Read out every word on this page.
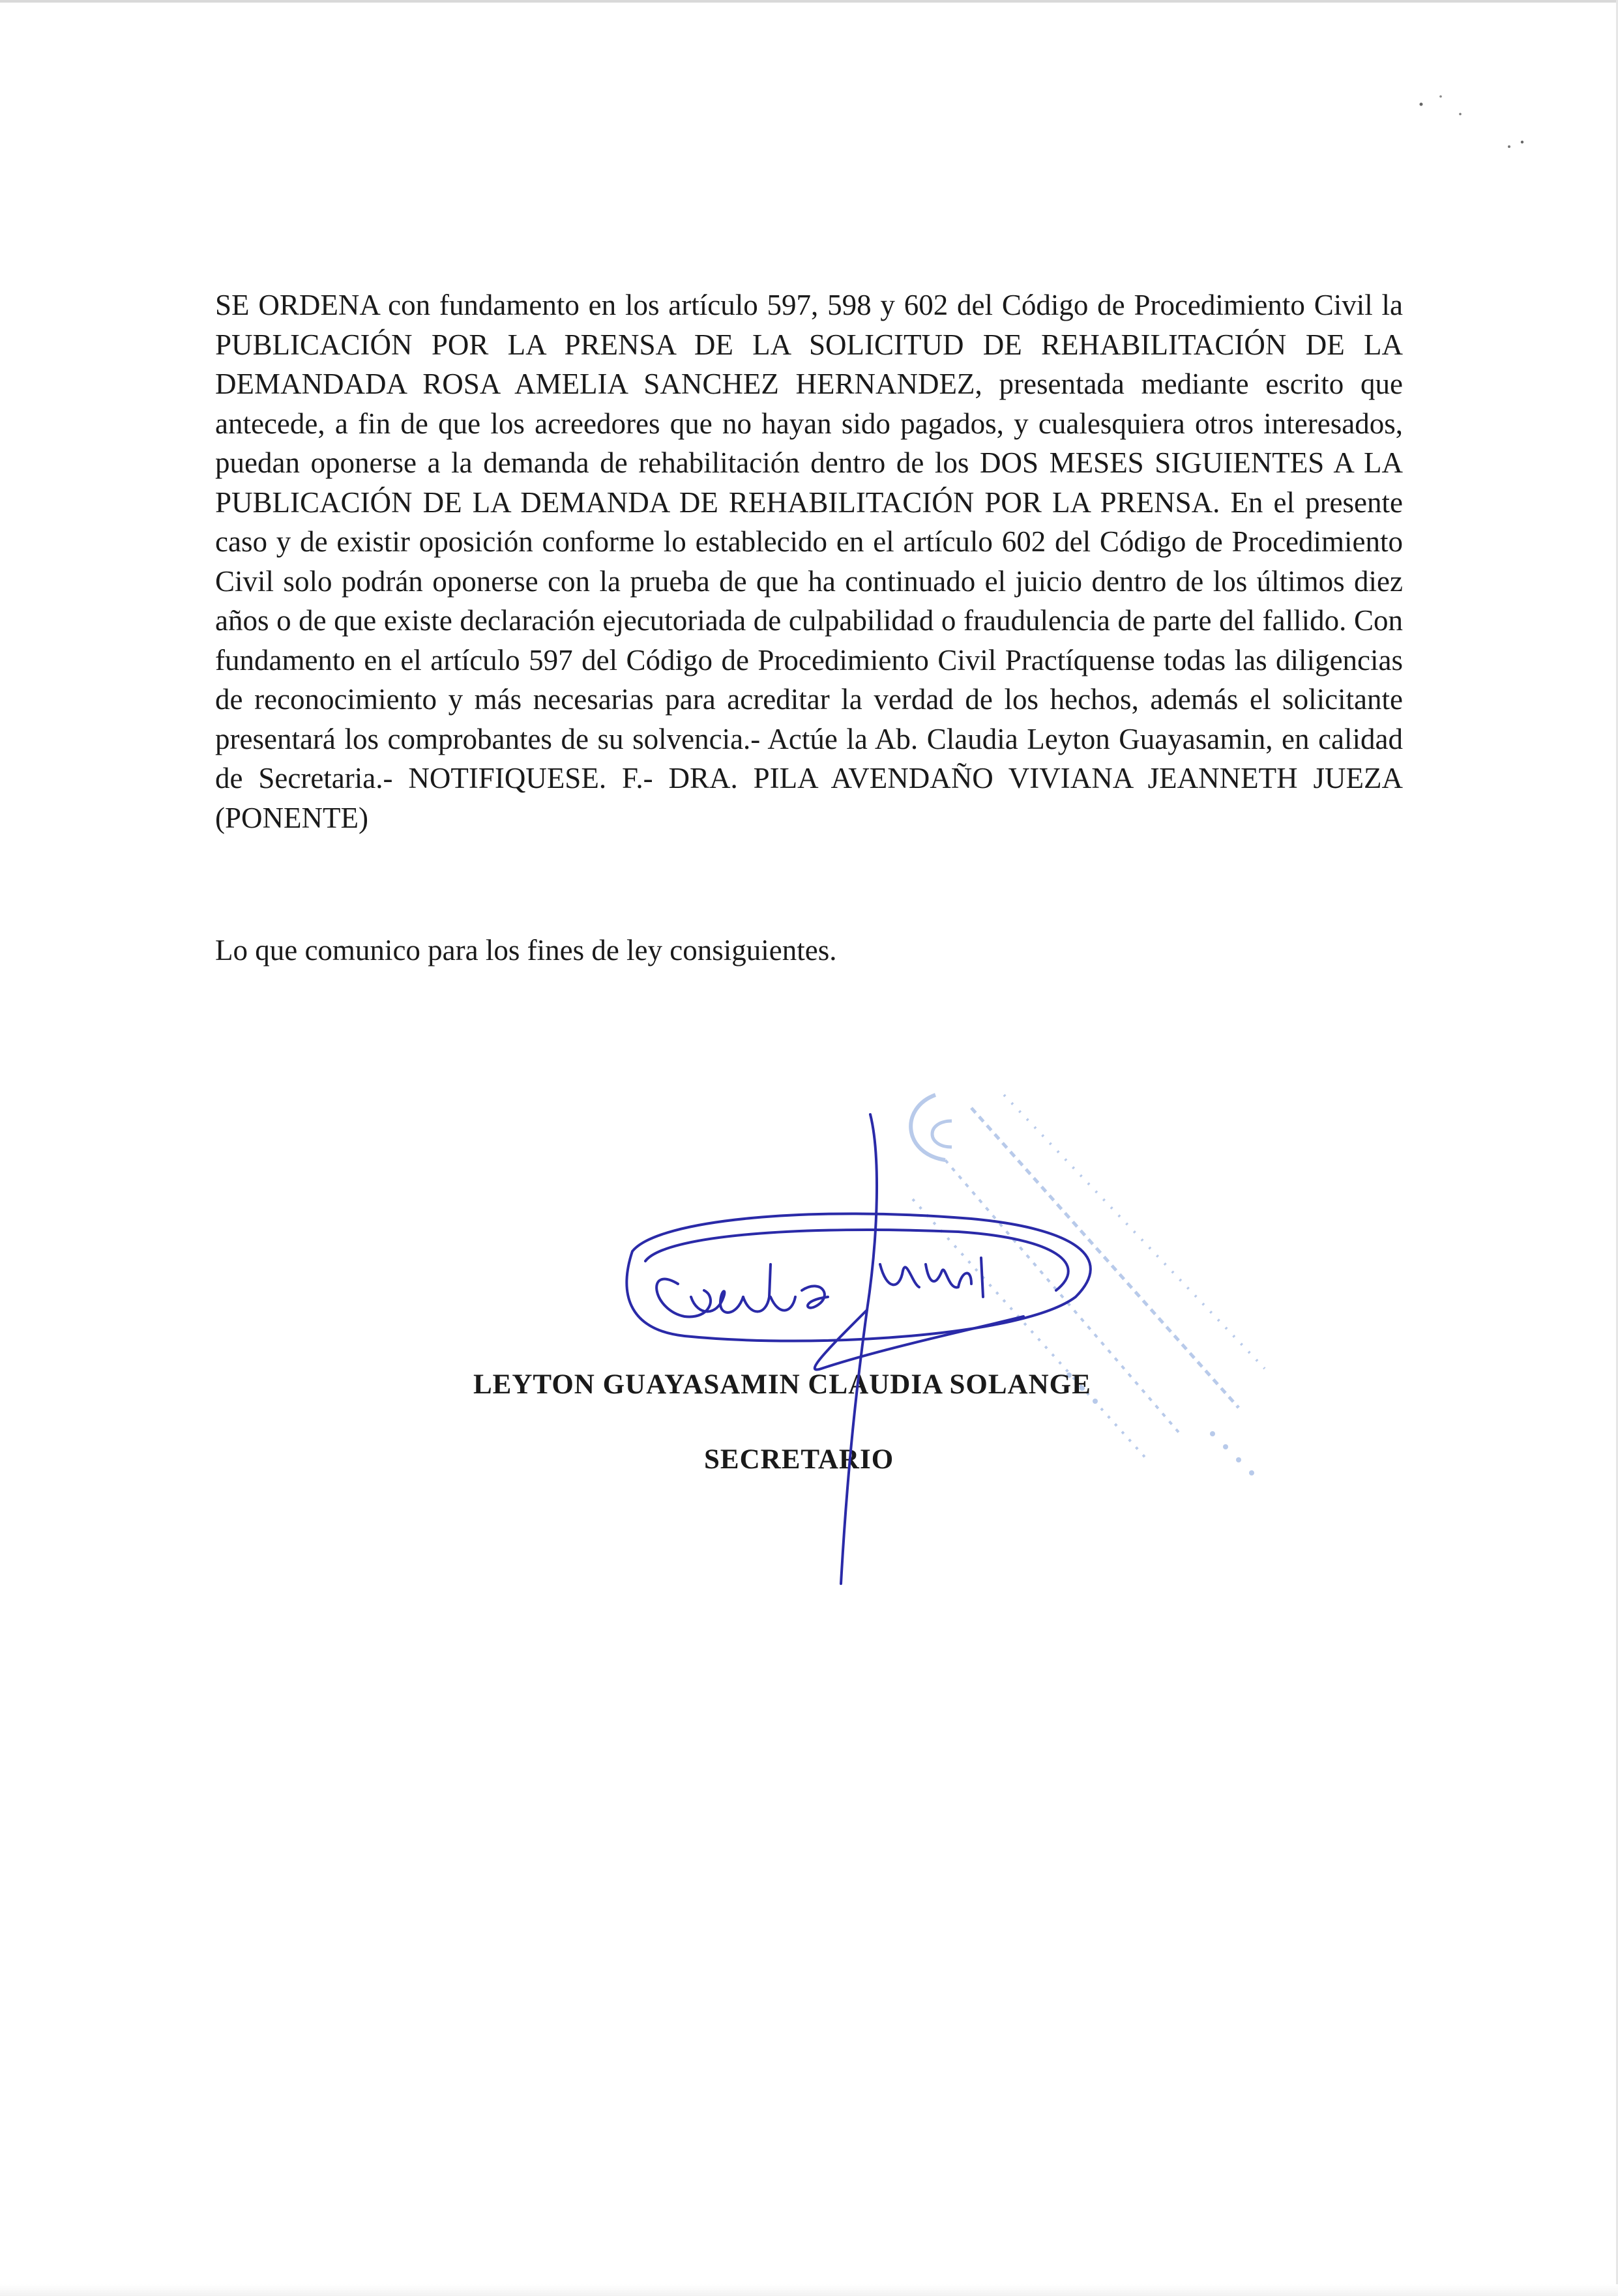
SE ORDENA con fundamento en los artículo 597, 598 y 602 del Código de Procedimiento Civil la PUBLICACIÓN POR LA PRENSA DE LA SOLICITUD DE REHABILITACIÓN DE LA DEMANDADA ROSA AMELIA SANCHEZ HERNANDEZ, presentada mediante escrito que antecede, a fin de que los acreedores que no hayan sido pagados, y cualesquiera otros interesados, puedan oponerse a la demanda de rehabilitación dentro de los DOS MESES SIGUIENTES A LA PUBLICACIÓN DE LA DEMANDA DE REHABILITACIÓN POR LA PRENSA. En el presente caso y de existir oposición conforme lo establecido en el artículo 602 del Código de Procedimiento Civil solo podrán oponerse con la prueba de que ha continuado el juicio dentro de los últimos diez años o de que existe declaración ejecutoriada de culpabilidad o fraudulencia de parte del fallido. Con fundamento en el artículo 597 del Código de Procedimiento Civil Practíquense todas las diligencias de reconocimiento y más necesarias para acreditar la verdad de los hechos, además el solicitante presentará los comprobantes de su solvencia.- Actúe la Ab. Claudia Leyton Guayasamin, en calidad de Secretaria.- NOTIFIQUESE. F.- DRA. PILA AVENDAÑO VIVIANA JEANNETH JUEZA (PONENTE)

Lo que comunico para los fines de ley consiguientes.

LEYTON GUAYASAMIN CLAUDIA SOLANGE

SECRETARIO
